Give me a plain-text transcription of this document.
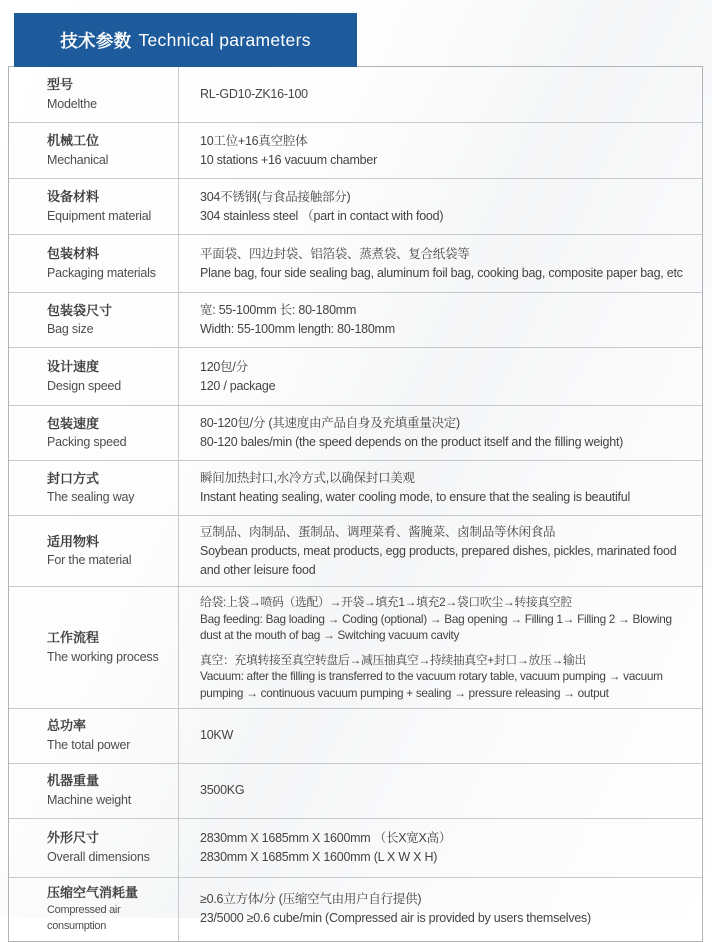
技术参数 Technical parameters
型号
Modelthe
RL-GD10-ZK16-100
机械工位
Mechanical
10工位+16真空腔体
10 stations +16 vacuum chamber
设备材料
Equipment material
304不锈钢(与食品接触部分)
304 stainless steel （part in contact with food)
包装材料
Packaging materials
平面袋、四边封袋、铝箔袋、蒸煮袋、复合纸袋等
Plane bag, four side sealing bag, aluminum foil bag, cooking bag, composite paper bag, etc
包装袋尺寸
Bag size
宽: 55-100mm 长: 80-180mm
Width: 55-100mm length: 80-180mm
设计速度
Design speed
120包/分
120 / package
包装速度
Packing speed
80-120包/分 (其速度由产品自身及充填重量决定)
80-120 bales/min (the speed depends on the product itself and the filling weight)
封口方式
The sealing way
瞬间加热封口,水冷方式,以确保封口美观
Instant heating sealing, water cooling mode, to ensure that the sealing is beautiful
适用物料
For the material
豆制品、肉制品、蛋制品、调理菜肴、酱腌菜、卤制品等休闲食品
Soybean products, meat products, egg products, prepared dishes, pickles, marinated food and other leisure food
工作流程
The working process
给袋:上袋→喷码（选配）→开袋→填充1→填充2→袋口吹尘→转接真空腔
Bag feeding: Bag loading → Coding (optional) → Bag opening → Filling 1→ Filling 2 → Blowing dust at the mouth of bag → Switching vacuum cavity
真空：充填转接至真空转盘后→减压抽真空→持续抽真空+封口→放压→输出
Vacuum: after the filling is transferred to the vacuum rotary table, vacuum pumping → vacuum pumping → continuous vacuum pumping + sealing → pressure releasing → output
总功率
The total power
10KW
机器重量
Machine weight
3500KG
外形尺寸
Overall dimensions
2830mm X 1685mm X 1600mm （长X宽X高）
2830mm X 1685mm X 1600mm (L X W X H)
压缩空气消耗量
Compressed air consumption
≥0.6立方体/分 (压缩空气由用户自行提供)
23/5000 ≥0.6 cube/min (Compressed air is provided by users themselves)
